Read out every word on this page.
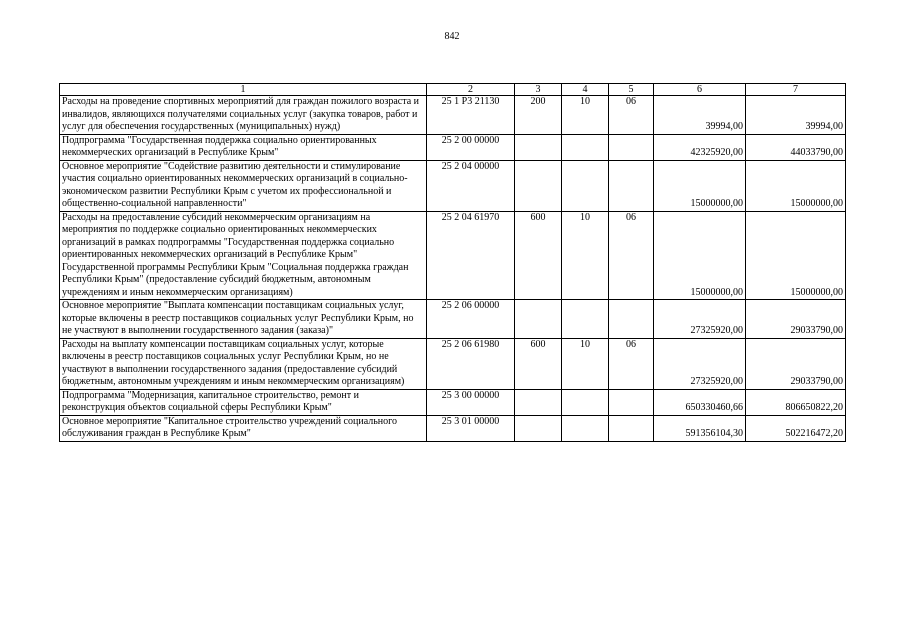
842
1	2	3	4	5	6	7
Расходы на проведение спортивных мероприятий для граждан пожилого возраста и инвалидов, являющихся получателями социальных услуг (закупка товаров, работ и услуг для обеспечения государственных (муниципальных) нужд)	25 1 P3 21130	200	10	06	39994,00	39994,00
Подпрограмма "Государственная поддержка социально ориентированных некоммерческих организаций в Республике Крым"	25 2 00 00000				42325920,00	44033790,00
Основное мероприятие "Содействие развитию деятельности и стимулирование участия социально ориентированных некоммерческих организаций в социально-экономическом развитии Республики Крым с учетом их профессиональной и общественно-социальной направленности"	25 2 04 00000				15000000,00	15000000,00
Расходы на предоставление субсидий некоммерческим организациям на мероприятия по поддержке социально ориентированных некоммерческих организаций в рамках подпрограммы "Государственная поддержка социально ориентированных некоммерческих организаций в Республике Крым" Государственной программы Республики Крым "Социальная поддержка граждан Республики Крым" (предоставление субсидий бюджетным, автономным учреждениям и иным некоммерческим организациям)	25 2 04 61970	600	10	06	15000000,00	15000000,00
Основное мероприятие "Выплата компенсации поставщикам социальных услуг, которые включены в реестр поставщиков социальных услуг Республики Крым, но не участвуют в выполнении государственного задания (заказа)"	25 2 06 00000				27325920,00	29033790,00
Расходы на выплату компенсации поставщикам социальных услуг, которые включены в реестр поставщиков социальных услуг Республики Крым, но не участвуют в выполнении государственного задания (предоставление субсидий бюджетным, автономным учреждениям и иным некоммерческим организациям)	25 2 06 61980	600	10	06	27325920,00	29033790,00
Подпрограмма "Модернизация, капитальное строительство, ремонт и реконструкция объектов социальной сферы Республики Крым"	25 3 00 00000				650330460,66	806650822,20
Основное мероприятие "Капитальное строительство учреждений социального обслуживания граждан в Республике Крым"	25 3 01 00000				591356104,30	502216472,20
